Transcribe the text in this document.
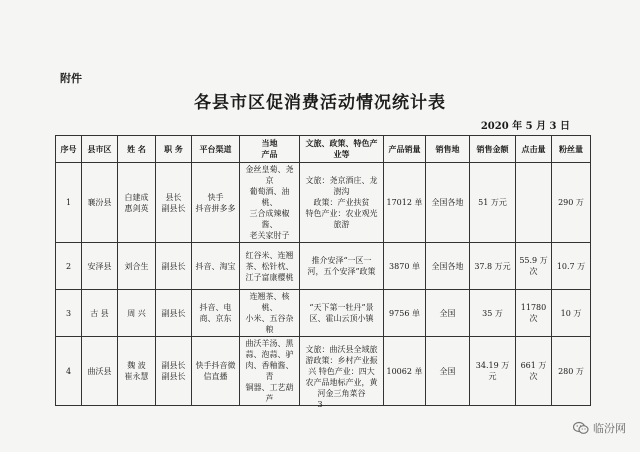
附件
各县市区促消费活动情况统计表
2020 年 5 月 3 日
序号	县市区	姓 名	职 务	平台渠道	当地
产品	文旅、政策、特色产
业等	产品销量	销售地	销售金额	点击量	粉丝量
1	襄汾县	白建成
惠剑英	县长
副县长	快手
抖音拼多多	金丝皇菊、尧京
葡萄酒、油桃、
三合成辣椒酱、
老关家肘子	文旅：尧京酒庄、龙
澍沟
政策：产业扶贫
特色产业：农业观光
旅游	17012 单	全国各地	51 万元		290 万
2	安泽县	刘合生	副县长	抖音、淘宝	红谷米、连翘
茶、松针枕、
江子富康樱桃	推介安泽“一区一
河，五个安泽”政策	3870 单	全国各地	37.8 万元	55.9 万
次	10.7 万
3	古 县	周 兴	副县长	抖音、电
商、京东	连翘茶、核桃、
小米、五谷杂粮	“天下第一牡丹”景
区、霍山云顶小镇	9756 单	全国	35 万	11780
次	10 万
4	曲沃县	魏 波
崔永慧	副县长
副县长	快手抖音微
信直播	曲沃羊汤、黑
蒜、泡蒜、驴
肉、香釉酱、青
铜器、工艺葫芦	文旅：曲沃县全域旅
游政策：乡村产业振
兴 特色产业：四大
农产品地标产业，黄
河金三角菜谷	10062 单	全国	34.19 万
元	661 万
次	280 万
3
临汾网
